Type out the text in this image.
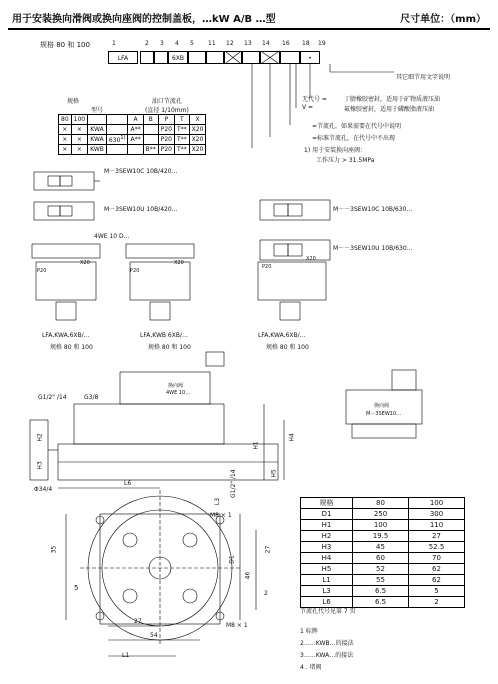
用于安装换向滑阀或换向座阀的控制盖板，…kW A/B …型	尺寸单位：（mm）
规格 80 和 100	1	2 3 4 5 11 12 13 14 16 18 19
LFA	6XB	•
其它细节用文字说明
无代号 =	丁腈橡胶密封，适用于矿物质液压油
V =	氟橡胶密封，适用于磷酸脂液压油
规格		型号		油口节流孔				
				(直径 1/10mm)				
80	100			A	B	P	T	X
×	×	KWA		A**		P20	T**	X20
×	×	KWA	630$^{1)}$	A**		P20	T**	X20
×	×	KWB			B**	P20	T**	X20
=节流孔。如果需要在代号中说明
=标准节流孔，在代号中不出现
1) 用于安装换向座阀：
工作压力 > 31.5MPa
M－3SEW10C 10B/420…
M－3SEW10U 10B/420…	M－－3SEW10C 10B/630…
M－－3SEW10U 10B/630…
4WE 10 D…
LFA,KWA,6XB/…
规格 80 和 100
LFA,KWB 6XB/…
规格 80 和 100
LFA,KWA,6XB/…
规格 80 和 100
P20	P20
P20
X20	X20
X20
换向阀
4WE 10…
换向阀
M－3SEW10…
G1/2" /14	G3/8
Φ34/4
L6
H2
H3
H1
H4
H5
G1/2" /14
L3
M8 × 1
M8 × 1
35
5
27
54
L1
D1
46
27
2
规格	80	100
D1	250	300
H1	100	110
H2	19.5	27
H3	45	52.5
H4	60	70
H5	52	62
L1	55	62
L3	6.5	5
L6	6.5	2
节流孔代号见第 7 页
1 标牌
2……KWB…的接法
3……KWA…的接法
4 . 堵阀
